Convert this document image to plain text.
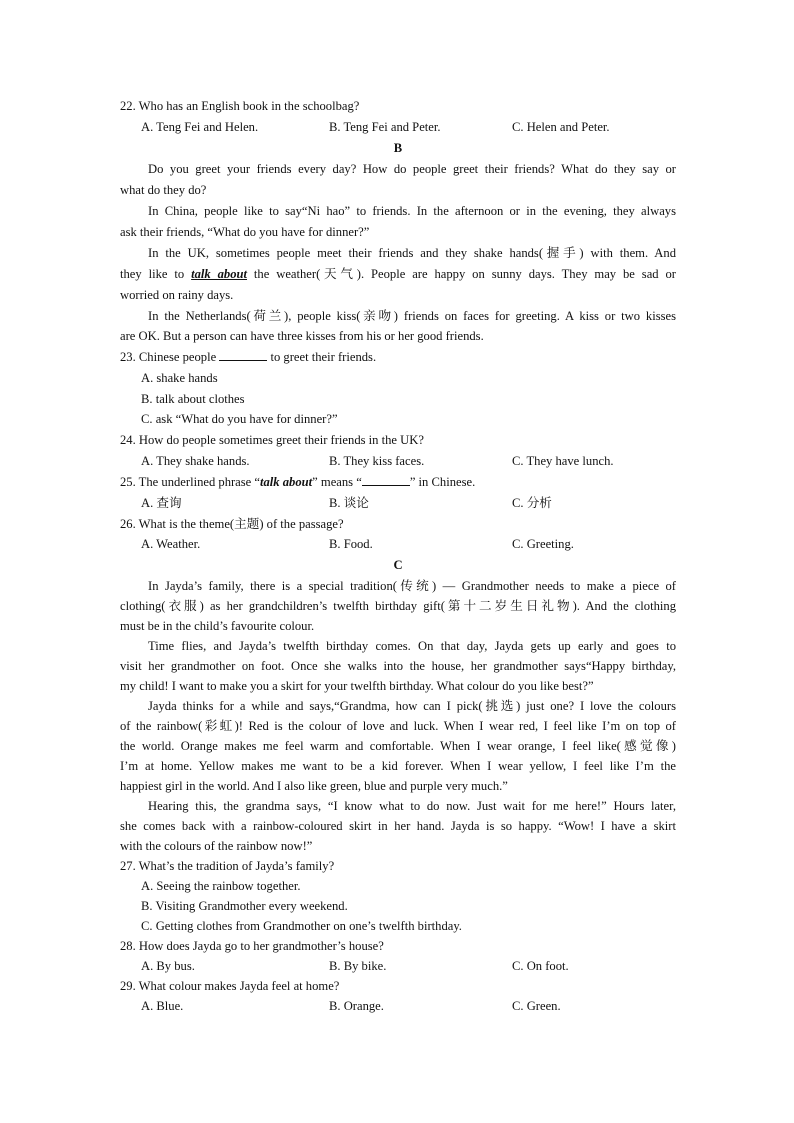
22. Who has an English book in the schoolbag?
A. Teng Fei and Helen.	B. Teng Fei and Peter.	C. Helen and Peter.
B
Do you greet your friends every day? How do people greet their friends? What do they say or
what do they do?
In China, people like to say“Ni hao” to friends. In the afternoon or in the evening, they always
ask their friends, “What do you have for dinner?”
In the UK, sometimes people meet their friends and they shake hands(握手) with them. And
they like to talk about the weather(天气). People are happy on sunny days. They may be sad or
worried on rainy days.
In the Netherlands(荷兰), people kiss(亲吻) friends on faces for greeting. A kiss or two kisses
are OK. But a person can have three kisses from his or her good friends.
23. Chinese people	to greet their friends.
A. shake hands
B. talk about clothes
C. ask “What do you have for dinner?”
24. How do people sometimes greet their friends in the UK?
A. They shake hands.	B. They kiss faces.	C. They have lunch.
25. The underlined phrase “talk about” means “	” in Chinese.
A. 查询	B. 谈论	C. 分析
26. What is the theme(主题) of the passage?
A. Weather.	B. Food.	C. Greeting.
C
In Jayda’s family, there is a special tradition(传统) — Grandmother needs to make a piece of
clothing(衣服) as her grandchildren’s twelfth birthday gift(第十二岁生日礼物). And the clothing
must be in the child’s favourite colour.
Time flies, and Jayda’s twelfth birthday comes. On that day, Jayda gets up early and goes to
visit her grandmother on foot. Once she walks into the house, her grandmother says“Happy birthday,
my child! I want to make you a skirt for your twelfth birthday. What colour do you like best?”
Jayda thinks for a while and says,“Grandma, how can I pick(挑选) just one? I love the colours
of the rainbow(彩虹)! Red is the colour of love and luck. When I wear red, I feel like I’m on top of
the world. Orange makes me feel warm and comfortable. When I wear orange, I feel like(感觉像)
I’m at home. Yellow makes me want to be a kid forever. When I wear yellow, I feel like I’m the
happiest girl in the world. And I also like green, blue and purple very much.”
Hearing this, the grandma says, “I know what to do now. Just wait for me here!” Hours later,
she comes back with a rainbow-coloured skirt in her hand. Jayda is so happy. “Wow! I have a skirt
with the colours of the rainbow now!”
27. What’s the tradition of Jayda’s family?
A. Seeing the rainbow together.
B. Visiting Grandmother every weekend.
C. Getting clothes from Grandmother on one’s twelfth birthday.
28. How does Jayda go to her grandmother’s house?
A. By bus.	B. By bike.	C. On foot.
29. What colour makes Jayda feel at home?
A. Blue.	B. Orange.	C. Green.
